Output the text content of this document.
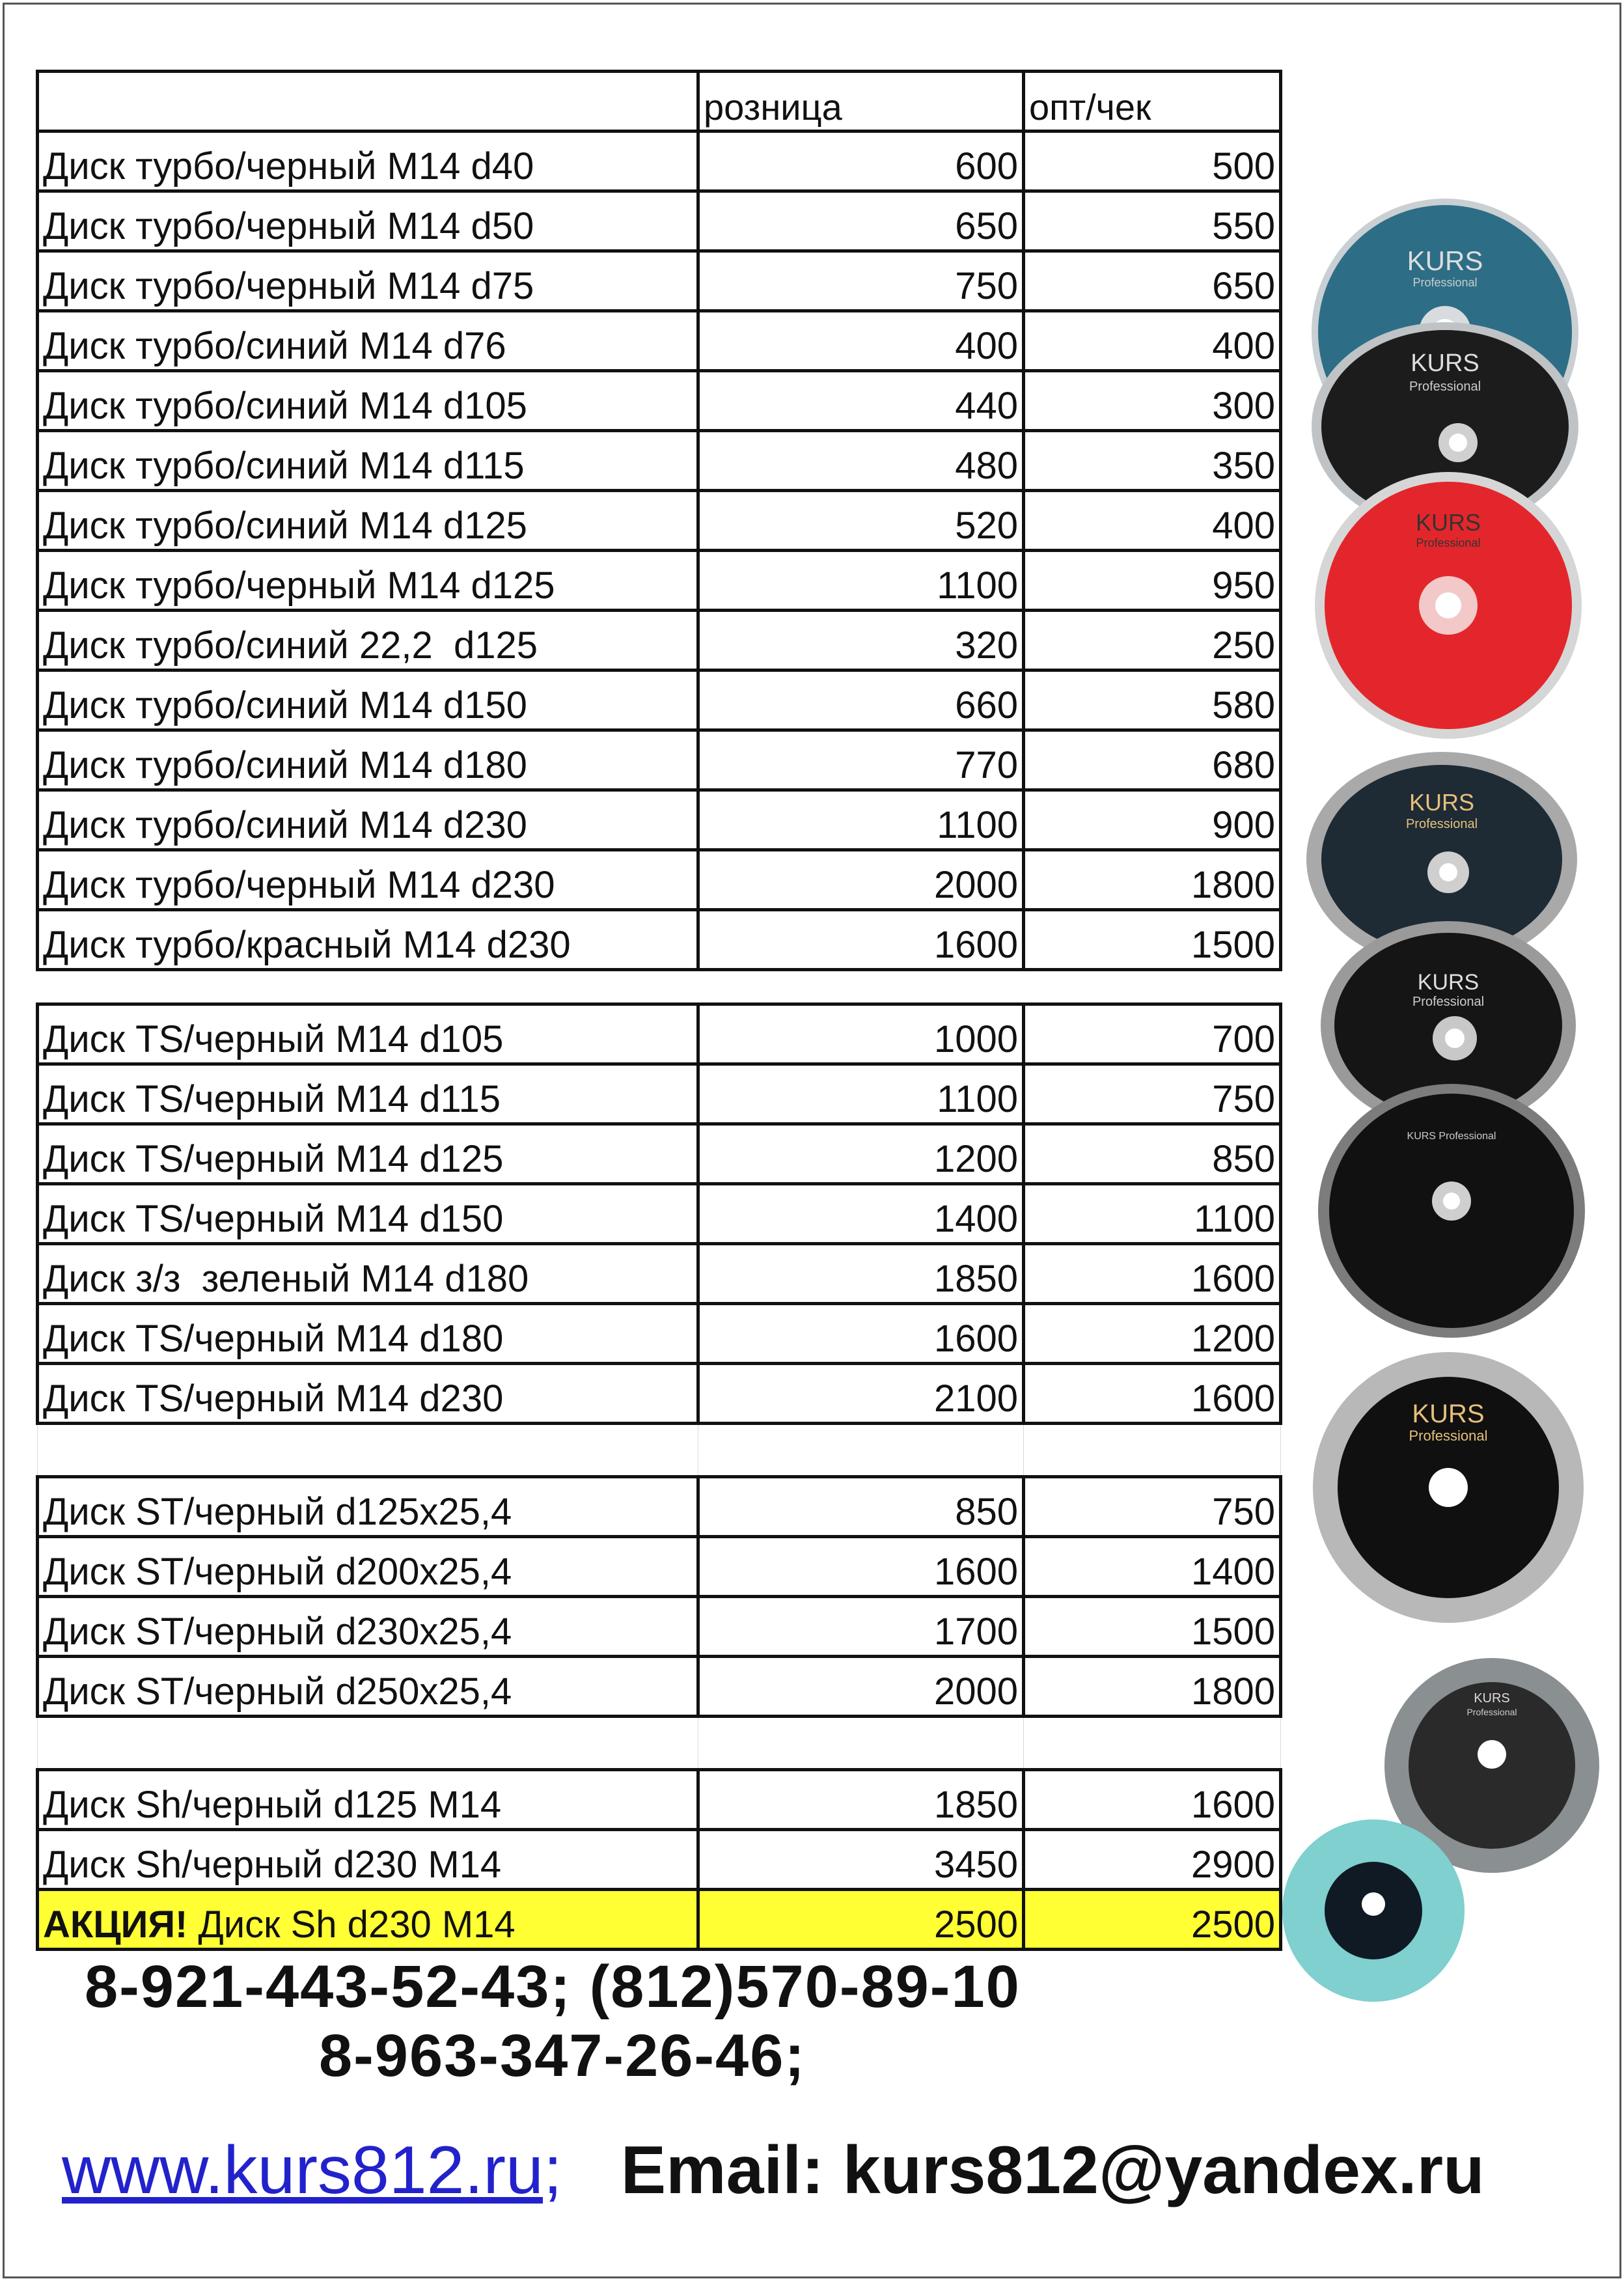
	розница	опт/чек
Диск турбо/черный М14 d40	600	500
Диск турбо/черный М14 d50	650	550
Диск турбо/черный М14 d75	750	650
Диск турбо/синий М14 d76	400	400
Диск турбо/синий М14 d105	440	300
Диск турбо/синий М14 d115	480	350
Диск турбо/синий М14 d125	520	400
Диск турбо/черный М14 d125	1100	950
Диск турбо/синий 22,2  d125	320	250
Диск турбо/синий М14 d150	660	580
Диск турбо/синий М14 d180	770	680
Диск турбо/синий М14 d230	1100	900
Диск турбо/черный М14 d230	2000	1800
Диск турбо/красный М14 d230	1600	1500

Диск TS/черный М14 d105	1000	700
Диск TS/черный М14 d115	1100	750
Диск TS/черный М14 d125	1200	850
Диск TS/черный М14 d150	1400	1100
Диск з/з  зеленый М14 d180	1850	1600
Диск TS/черный М14 d180	1600	1200
Диск TS/черный М14 d230	2100	1600

Диск ST/черный d125x25,4	850	750
Диск ST/черный d200x25,4	1600	1400
Диск ST/черный d230x25,4	1700	1500
Диск ST/черный d250x25,4	2000	1800

Диск Sh/черный d125 М14	1850	1600
Диск Sh/черный d230 М14	3450	2900
АКЦИЯ! Диск Sh d230 М14	2500	2500
8-921-443-52-43; (812)570-89-10
8-963-347-26-46;
www.kurs812.ru; Email: kurs812@yandex.ru
KURS
Professional
KURS
Professional
KURS
Professional
KURS
Professional
KURS
Professional
KURS Professional
KURS
Professional
KURS
Professional
